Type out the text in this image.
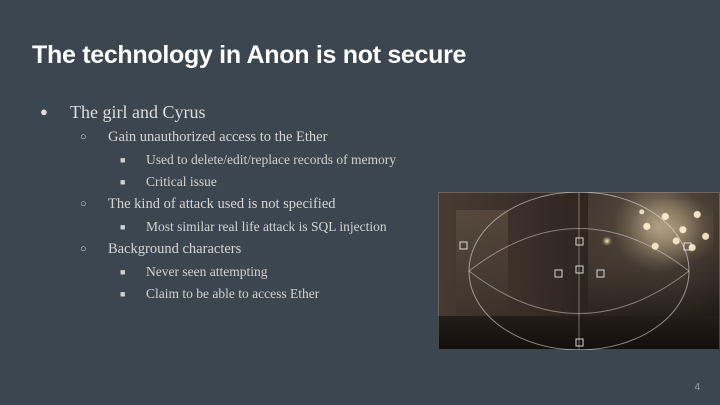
The technology in Anon is not secure
● The girl and Cyrus
○ Gain unauthorized access to the Ether
■ Used to delete/edit/replace records of memory
■ Critical issue
○ The kind of attack used is not specified
■ Most similar real life attack is SQL injection
○ Background characters
■ Never seen attempting
■ Claim to be able to access Ether
4
